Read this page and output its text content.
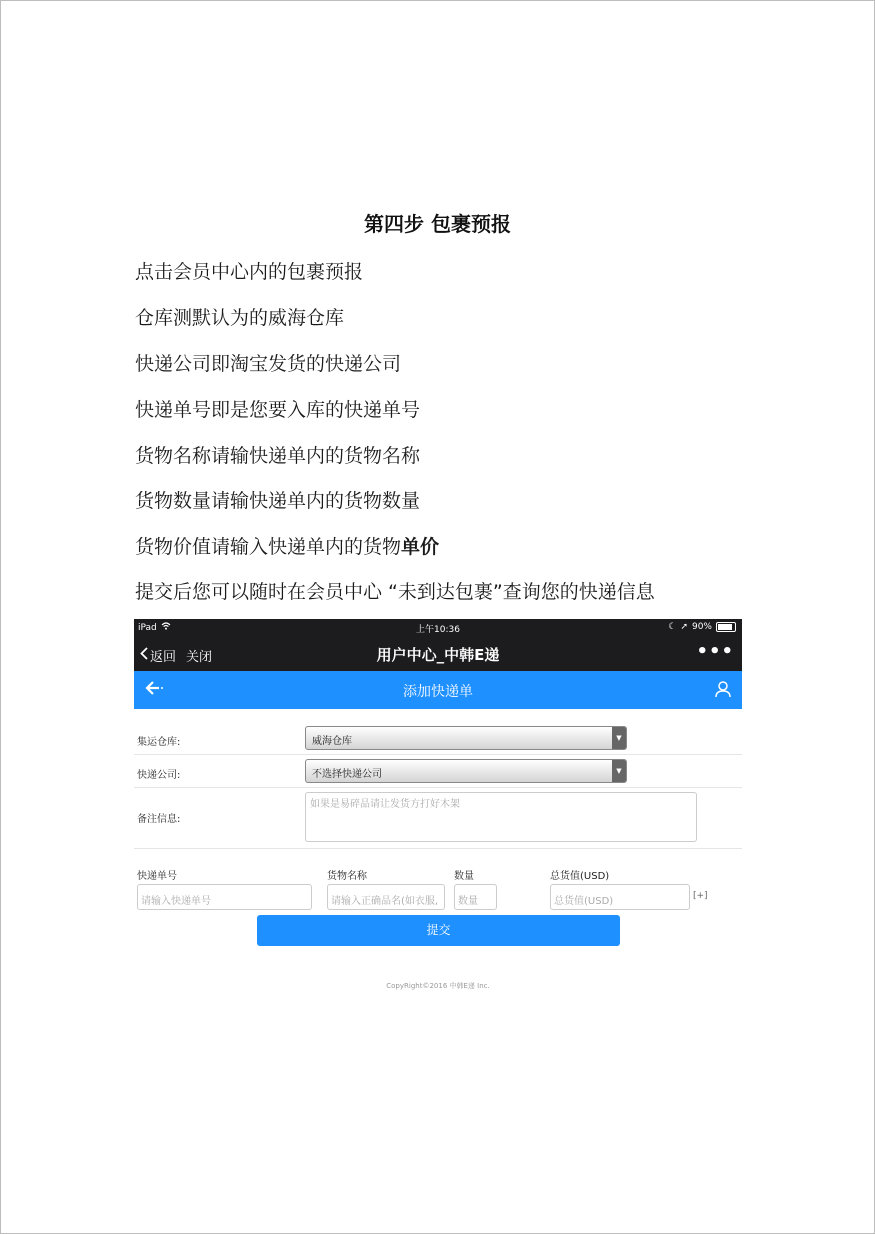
第四步 包裹预报
点击会员中心内的包裹预报
仓库测默认为的威海仓库
快递公司即淘宝发货的快递公司
快递单号即是您要入库的快递单号
货物名称请输快递单内的货物名称
货物数量请输快递单内的货物数量
货物价值请输入快递单内的货物单价
提交后您可以随时在会员中心 “未到达包裹”查询您的快递信息
iPad	上午10:36	☾ ➚ 90%
返回 关闭	用户中心_中韩E递	•••
添加快递单
集运仓库:	威海仓库	▼
快递公司:	不选择快递公司	▼
备注信息:
如果是易碎品请让发货方打好木架
快递单号	货物名称	数量	总货值(USD)
请输入快递单号	请输入正确品名(如衣服,	数量	总货值(USD)	[+]
提交
CopyRight©2016 中韩E递 Inc.
